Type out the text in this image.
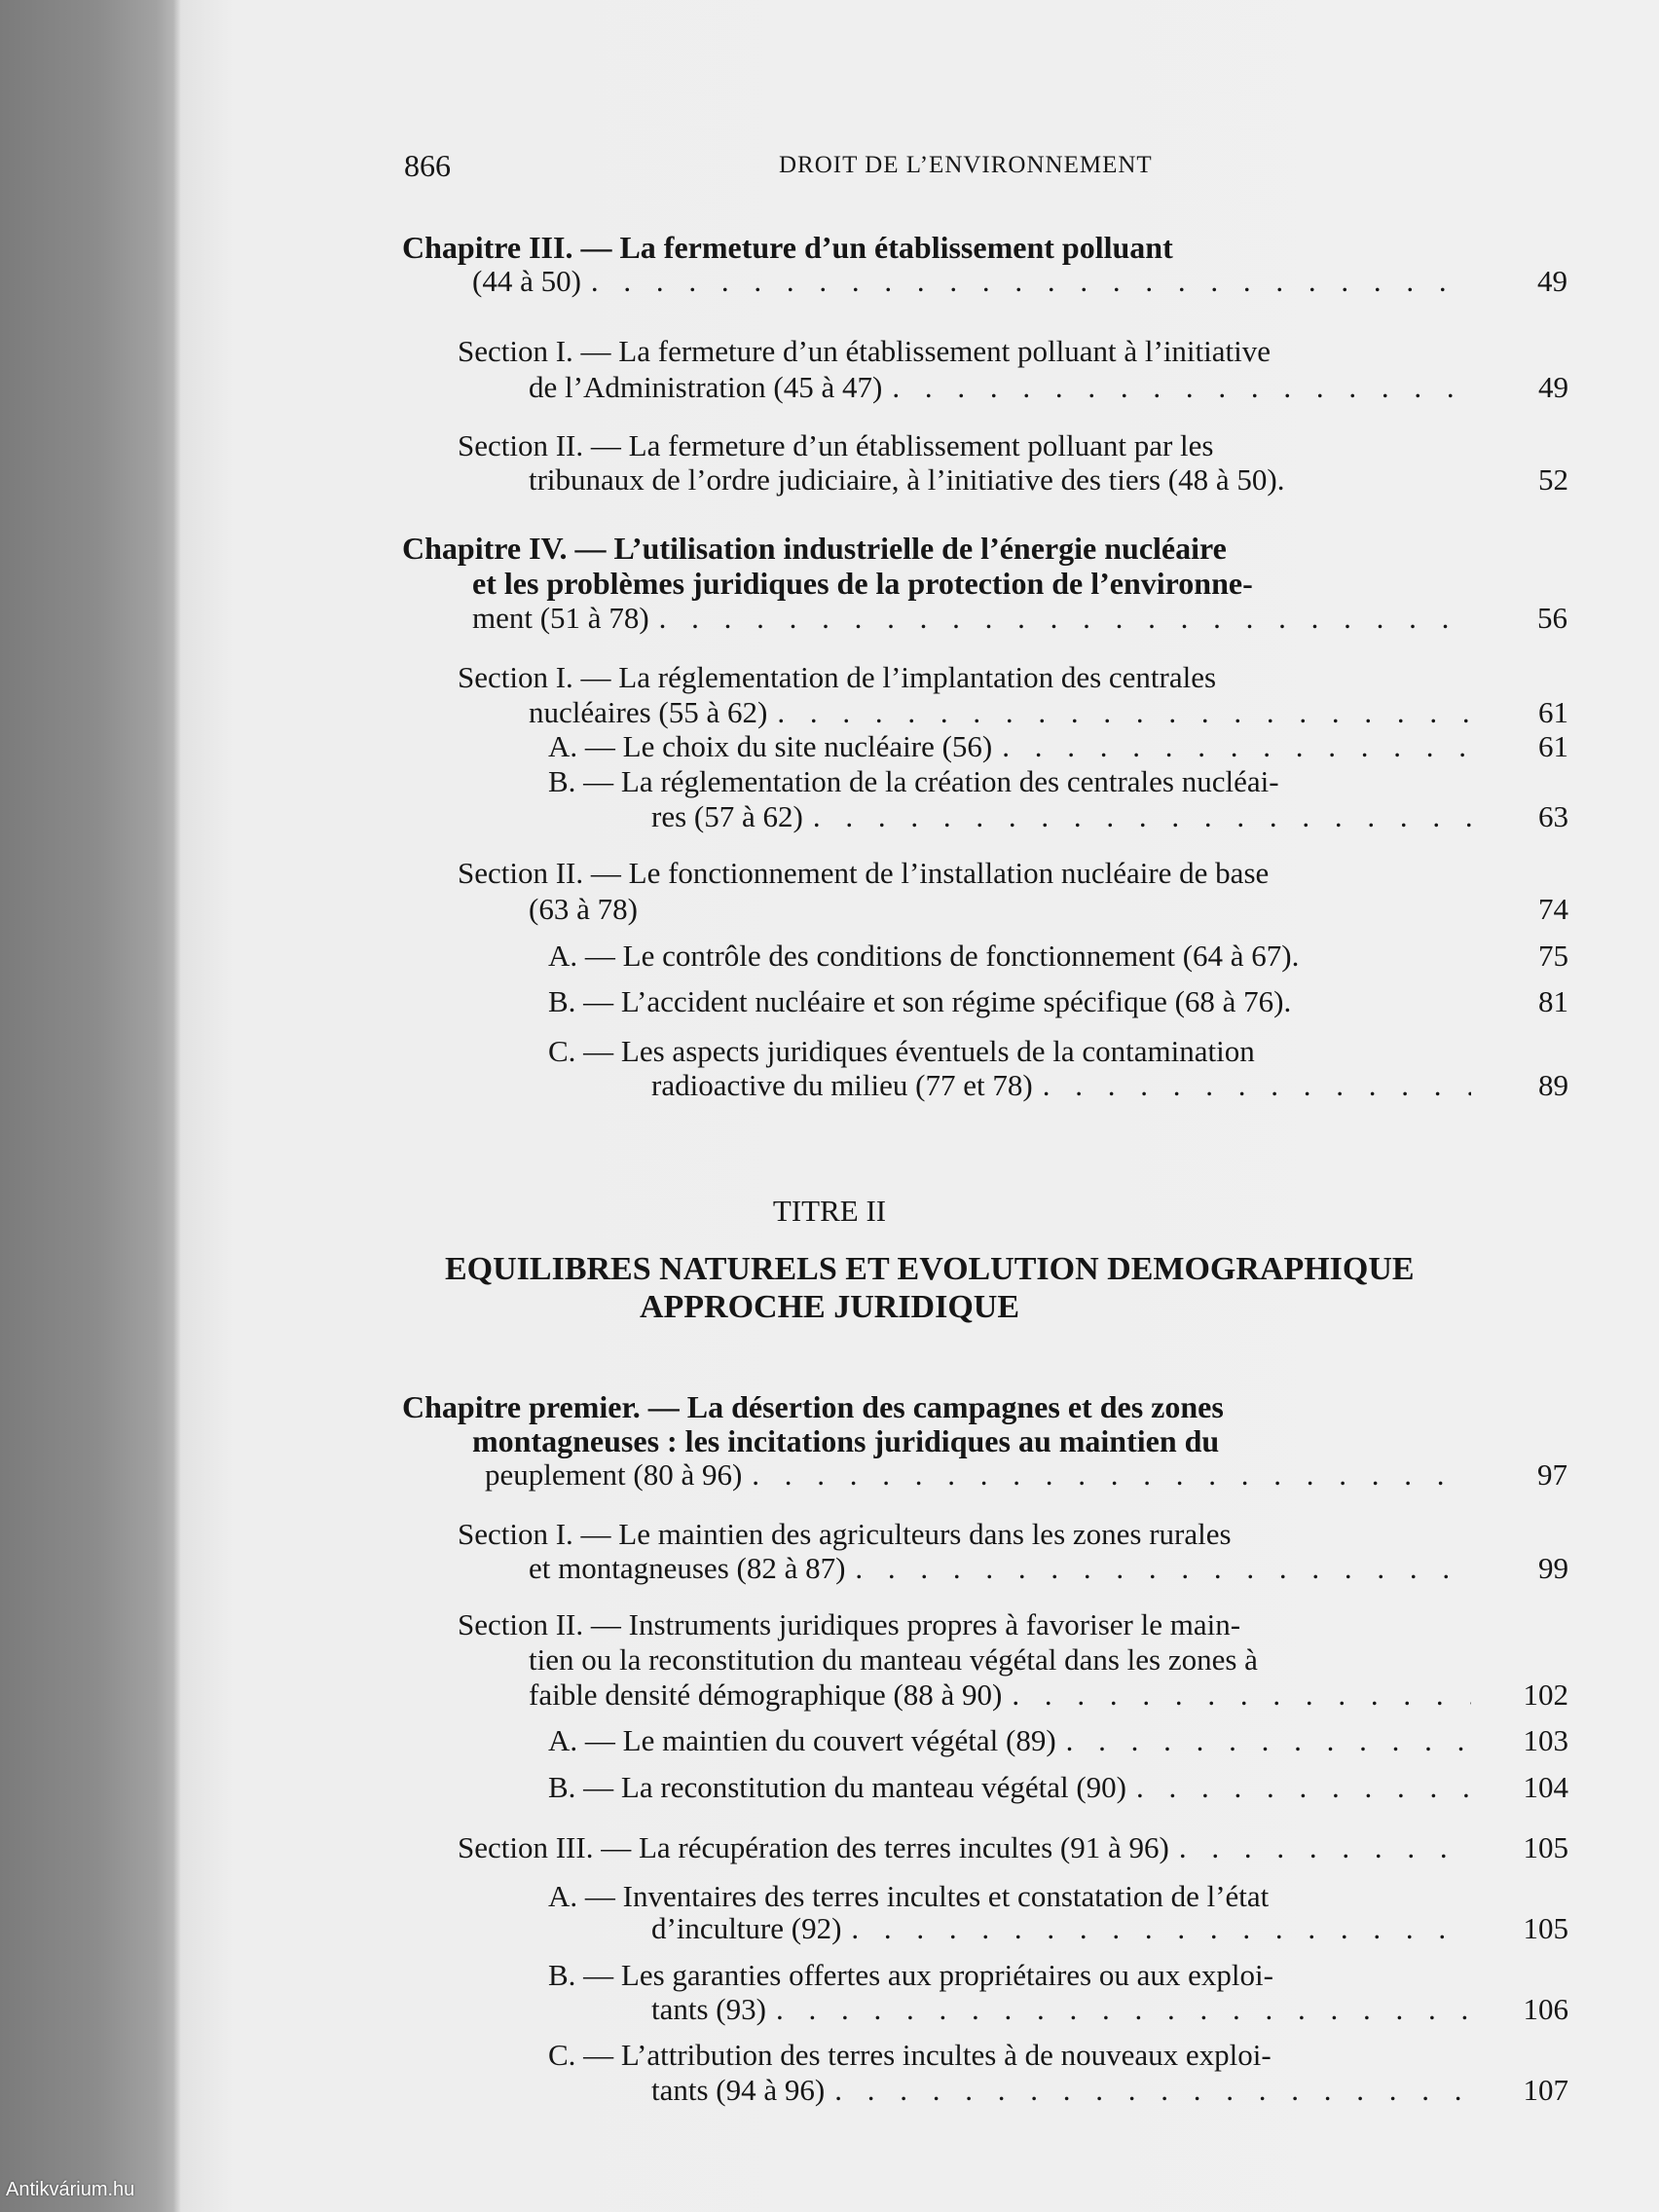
866	DROIT DE L’ENVIRONNEMENT
Chapitre III. — La fermeture d’un établissement polluant
(44 à 50) . . .	49
Section I. — La fermeture d’un établissement polluant à l’initiative
de l’Administration (45 à 47) . . .	49
Section II. — La fermeture d’un établissement polluant par les
tribunaux de l’ordre judiciaire, à l’initiative des tiers (48 à 50).	52
Chapitre IV. — L’utilisation industrielle de l’énergie nucléaire
et les problèmes juridiques de la protection de l’environne-
ment (51 à 78) . . .	56
Section I. — La réglementation de l’implantation des centrales
nucléaires (55 à 62) . . .	61
A. — Le choix du site nucléaire (56) . . .	61
B. — La réglementation de la création des centrales nucléai-
res (57 à 62) . . .	63
Section II. — Le fonctionnement de l’installation nucléaire de base
(63 à 78)	74
A. — Le contrôle des conditions de fonctionnement (64 à 67).	75
B. — L’accident nucléaire et son régime spécifique (68 à 76).	81
C. — Les aspects juridiques éventuels de la contamination
radioactive du milieu (77 et 78) . . .	89
TITRE II
EQUILIBRES NATURELS ET EVOLUTION DEMOGRAPHIQUE
APPROCHE JURIDIQUE
Chapitre premier. — La désertion des campagnes et des zones
montagneuses : les incitations juridiques au maintien du
peuplement (80 à 96) . . .	97
Section I. — Le maintien des agriculteurs dans les zones rurales
et montagneuses (82 à 87) . . .	99
Section II. — Instruments juridiques propres à favoriser le main-
tien ou la reconstitution du manteau végétal dans les zones à
faible densité démographique (88 à 90) . . .	102
A. — Le maintien du couvert végétal (89) . . .	103
B. — La reconstitution du manteau végétal (90) . . .	104
Section III. — La récupération des terres incultes (91 à 96) . . .	105
A. — Inventaires des terres incultes et constatation de l’état
d’inculture (92) . . .	105
B. — Les garanties offertes aux propriétaires ou aux exploi-
tants (93) . . .	106
C. — L’attribution des terres incultes à de nouveaux exploi-
tants (94 à 96) . . .	107
Antikvárium.hu
